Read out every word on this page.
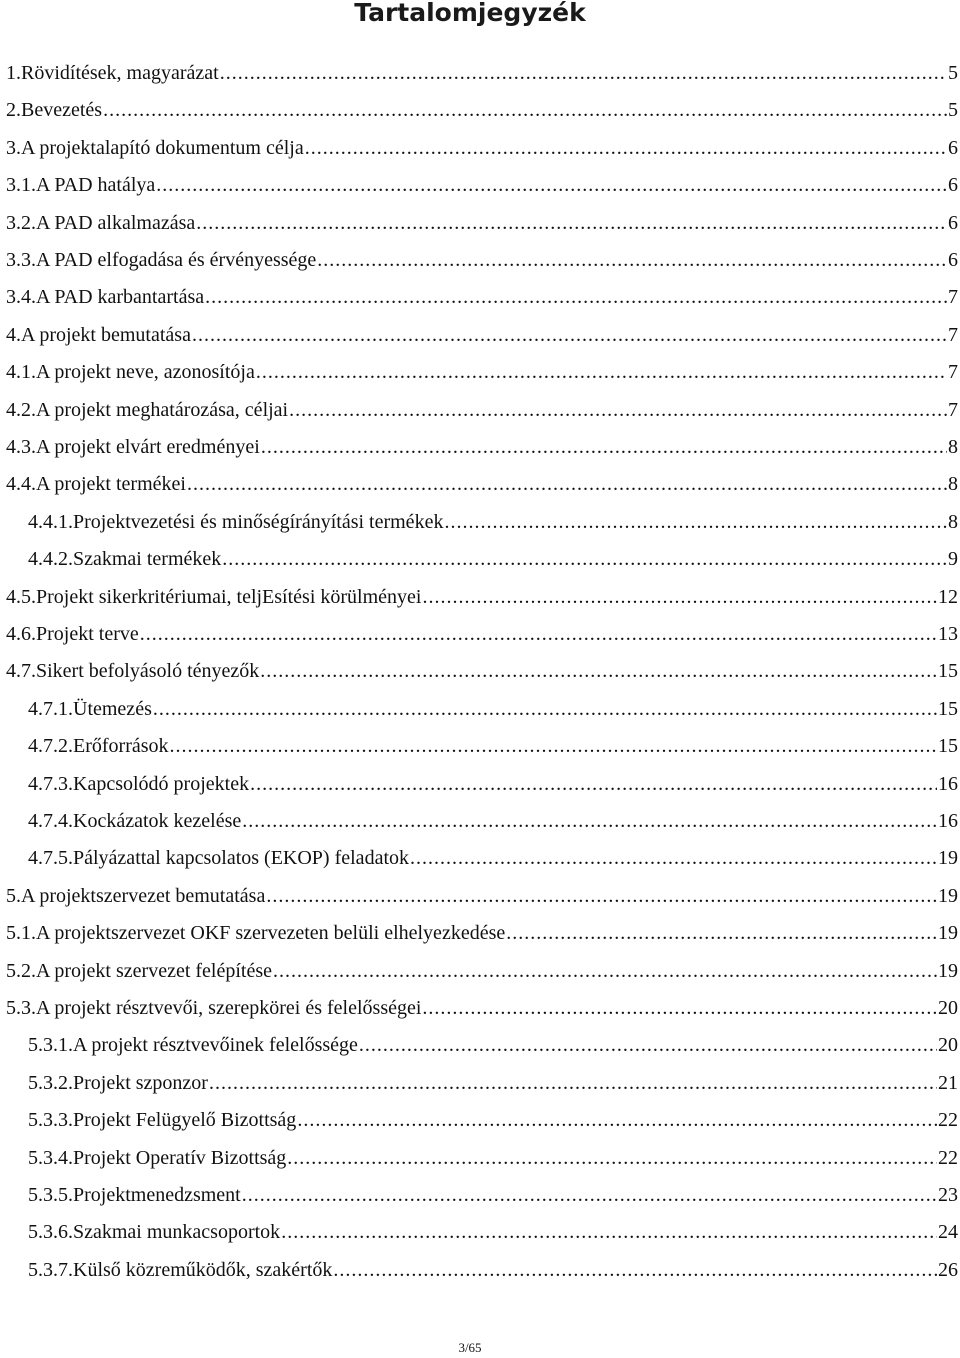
Tartalomjegyzék
1. Rövidítések, magyarázat .....	5
2. Bevezetés .....	5
3. A projektalapító dokumentum célja .....	6
3.1. A PAD hatálya .....	6
3.2. A PAD alkalmazása .....	6
3.3. A PAD elfogadása és érvényessége .....	6
3.4. A PAD karbantartása .....	7
4. A projekt bemutatása .....	7
4.1. A projekt neve, azonosítója .....	7
4.2. A projekt meghatározása, céljai .....	7
4.3. A projekt elvárt eredményei .....	8
4.4. A projekt termékei .....	8
4.4.1. Projektvezetési és minőségírányítási termékek .....	8
4.4.2. Szakmai termékek .....	9
4.5. Projekt sikerkritériumai, teljEsítési körülményei .....	12
4.6. Projekt terve .....	13
4.7. Sikert befolyásoló tényezők .....	15
4.7.1. Ütemezés .....	15
4.7.2. Erőforrások .....	15
4.7.3. Kapcsolódó projektek .....	16
4.7.4. Kockázatok kezelése .....	16
4.7.5. Pályázattal kapcsolatos (EKOP) feladatok .....	19
5. A projektszervezet bemutatása .....	19
5.1. A projektszervezet OKF szervezeten belüli elhelyezkedése .....	19
5.2. A projekt szervezet felépítése .....	19
5.3. A projekt résztvevői, szerepkörei és felelősségei .....	20
5.3.1. A projekt résztvevőinek felelőssége .....	20
5.3.2. Projekt szponzor .....	21
5.3.3. Projekt Felügyelő Bizottság .....	22
5.3.4. Projekt Operatív Bizottság .....	22
5.3.5. Projektmenedzsment .....	23
5.3.6. Szakmai munkacsoportok .....	24
5.3.7. Külső közreműködők, szakértők .....	26
3/65
